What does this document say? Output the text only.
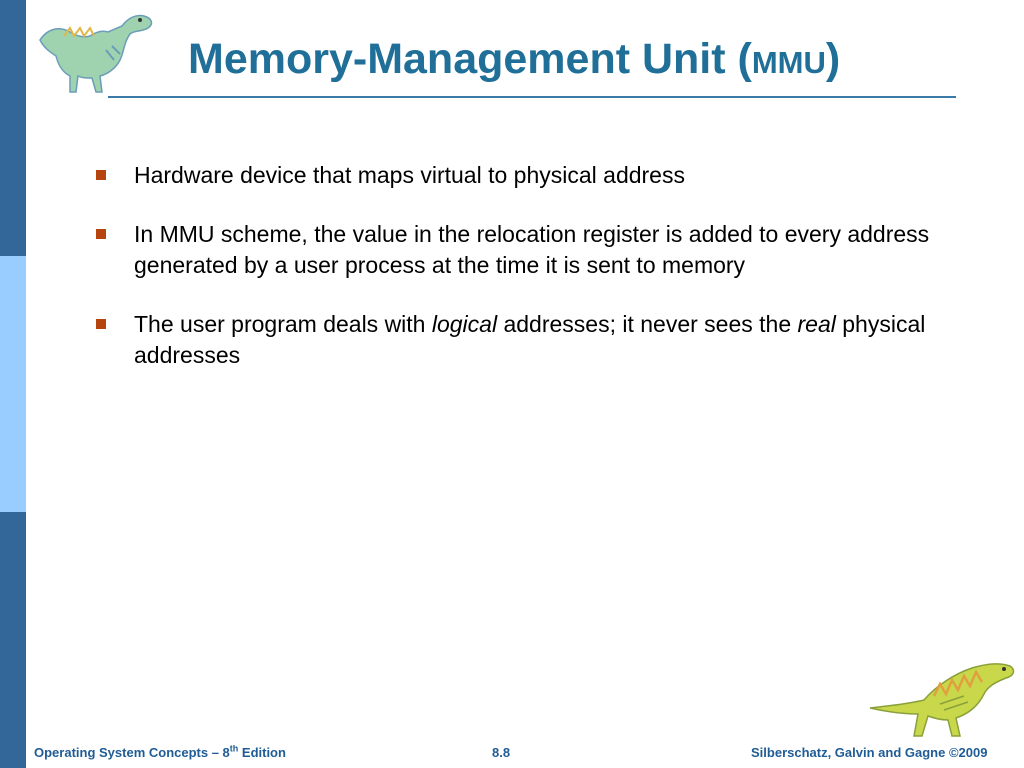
Memory-Management Unit (MMU)
Hardware device that maps virtual to physical address
In MMU scheme, the value in the relocation register is added to every address generated by a user process at the time it is sent to memory
The user program deals with logical addresses; it never sees the real physical addresses
Operating System Concepts – 8th Edition	8.8	Silberschatz, Galvin and Gagne ©2009
